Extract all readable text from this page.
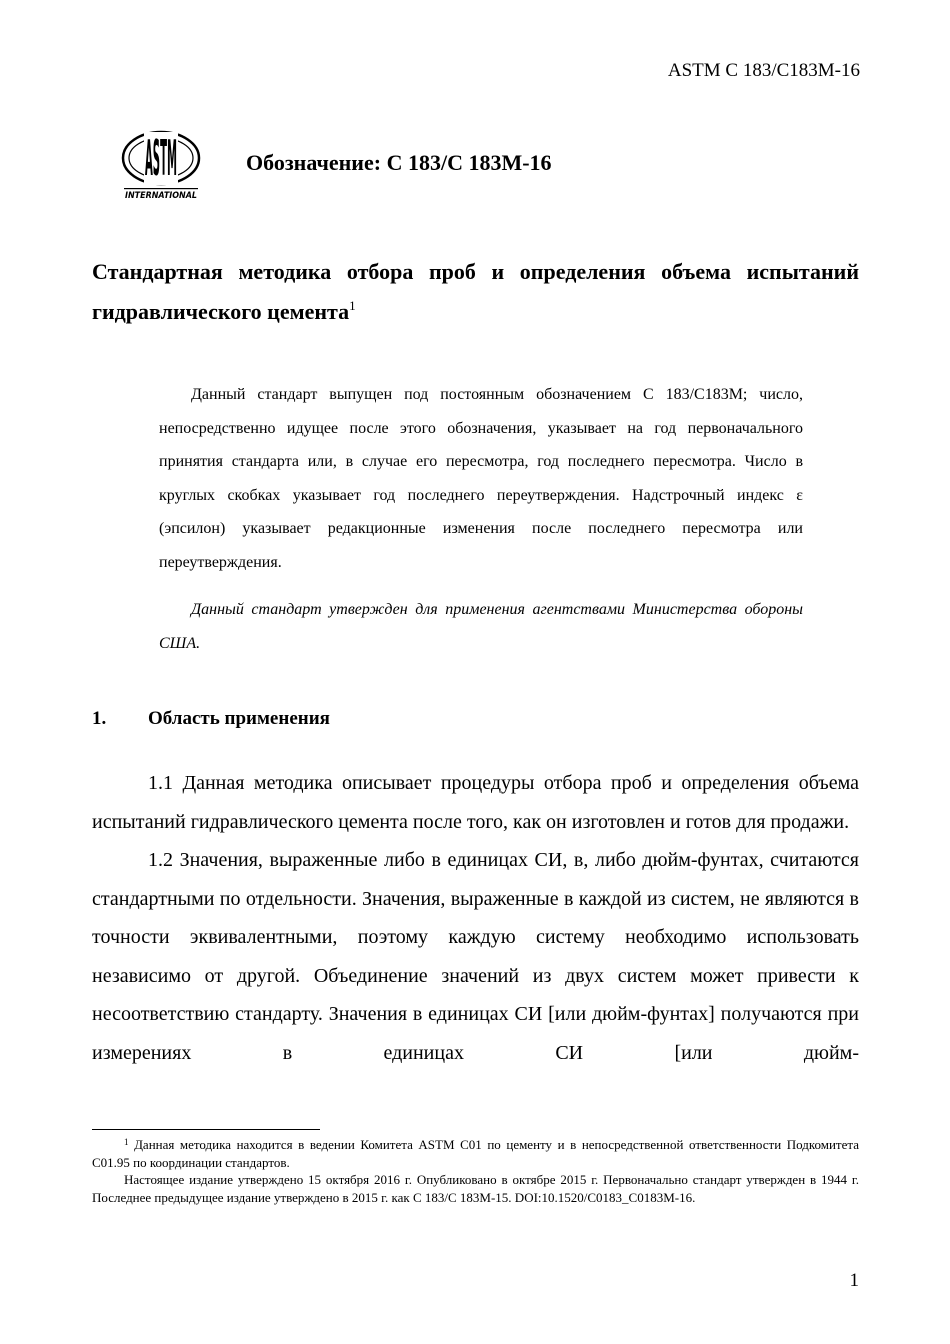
ASTM C 183/C183M-16
ASTM
INTERNATIONAL
Обозначение: С 183/С 183М-16
Стандартная методика отбора проб и определения объема испытаний гидравлического цемента$^1$

Данный стандарт выпущен под постоянным обозначением С 183/С183М; число, непосредственно идущее после этого обозначения, указывает на год первоначального принятия стандарта или, в случае его пересмотра, год последнего пересмотра. Число в круглых скобках указывает год последнего переутверждения. Надстрочный индекс ε (эпсилон) указывает редакционные изменения после последнего пересмотра или переутверждения.

Данный стандарт утвержден для применения агентствами Министерства обороны США.

1. Область применения

1.1 Данная методика описывает процедуры отбора проб и определения объема испытаний гидравлического цемента после того, как он изготовлен и готов для продажи.

1.2 Значения, выраженные либо в единицах СИ, в, либо дюйм-фунтах, считаются стандартными по отдельности. Значения, выраженные в каждой из систем, не являются в точности эквивалентными, поэтому каждую систему необходимо использовать независимо от другой. Объединение значений из двух систем может привести к несоответствию стандарту. Значения в единицах СИ [или дюйм-фунтах] получаются при измерениях в единицах СИ [или дюйм-

$^1$ Данная методика находится в ведении Комитета ASTM C01 по цементу и в непосредственной ответственности Подкомитета С01.95 по координации стандартов.

Настоящее издание утверждено 15 октября 2016 г. Опубликовано в октябре 2015 г. Первоначально стандарт утвержден в 1944 г. Последнее предыдущее издание утверждено в 2015 г. как С 183/С 183М-15. DOI:10.1520/C0183_C0183M-16.

1
